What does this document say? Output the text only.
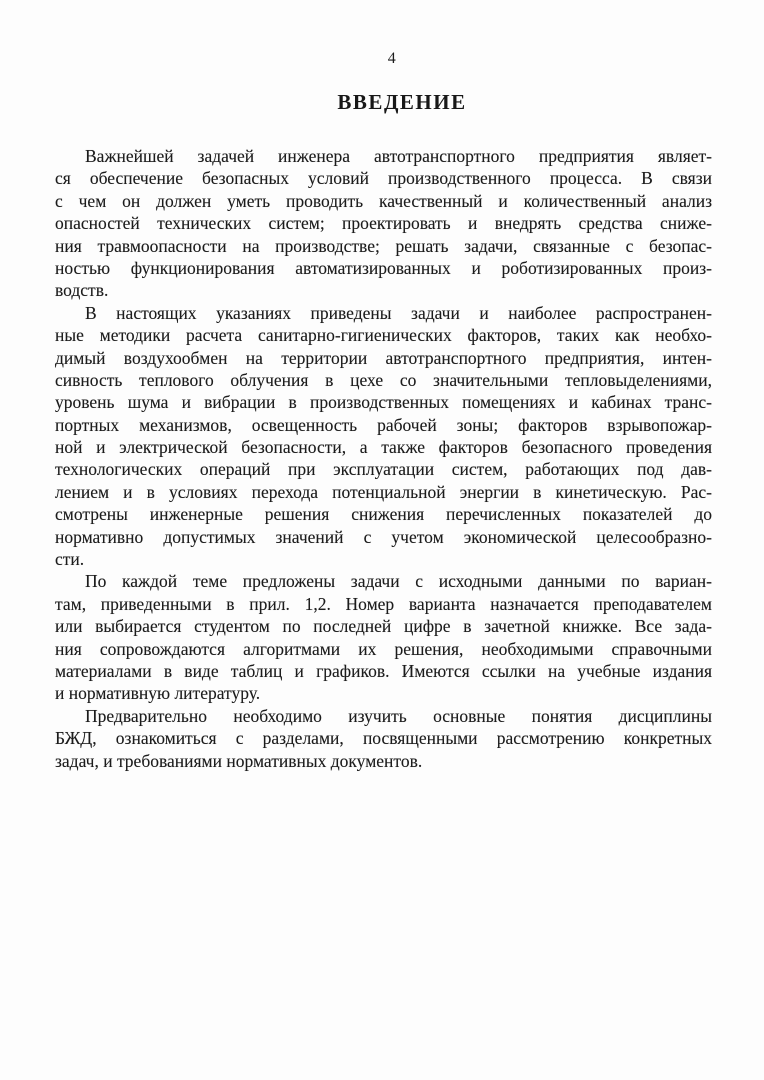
4
ВВЕДЕНИЕ
Важнейшей задачей инженера автотранспортного предприятия являет-
ся обеспечение безопасных условий производственного процесса. В связи
с чем он должен уметь проводить качественный и количественный анализ
опасностей технических систем; проектировать и внедрять средства сниже-
ния травмоопасности на производстве; решать задачи, связанные с безопас-
ностью функционирования автоматизированных и роботизированных произ-
водств.
В настоящих указаниях приведены задачи и наиболее распространен-
ные методики расчета санитарно-гигиенических факторов, таких как необхо-
димый воздухообмен на территории автотранспортного предприятия, интен-
сивность теплового облучения в цехе со значительными тепловыделениями,
уровень шума и вибрации в производственных помещениях и кабинах транс-
портных механизмов, освещенность рабочей зоны; факторов взрывопожар-
ной и электрической безопасности, а также факторов безопасного проведения
технологических операций при эксплуатации систем, работающих под дав-
лением и в условиях перехода потенциальной энергии в кинетическую. Рас-
смотрены инженерные решения снижения перечисленных показателей до
нормативно допустимых значений с учетом экономической целесообразно-
сти.
По каждой теме предложены задачи с исходными данными по вариан-
там, приведенными в прил. 1,2. Номер варианта назначается преподавателем
или выбирается студентом по последней цифре в зачетной книжке. Все зада-
ния сопровождаются алгоритмами их решения, необходимыми справочными
материалами в виде таблиц и графиков. Имеются ссылки на учебные издания
и нормативную литературу.
Предварительно необходимо изучить основные понятия дисциплины
БЖД, ознакомиться с разделами, посвященными рассмотрению конкретных
задач, и требованиями нормативных документов.
